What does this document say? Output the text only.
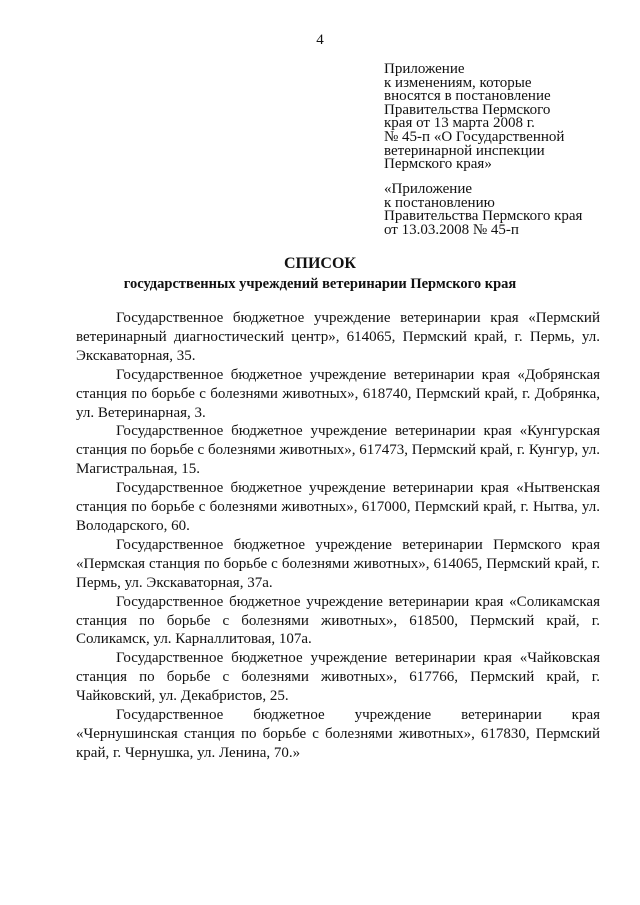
4
Приложение
к изменениям, которые
вносятся в постановление
Правительства Пермского
края от 13 марта 2008 г.
№ 45-п «О Государственной
ветеринарной инспекции
Пермского края»
«Приложение
к постановлению
Правительства Пермского края
от 13.03.2008 № 45-п
СПИСОК
государственных учреждений ветеринарии Пермского края
Государственное бюджетное учреждение ветеринарии края «Пермский ветеринарный диагностический центр», 614065, Пермский край, г. Пермь, ул. Экскаваторная, 35.
Государственное бюджетное учреждение ветеринарии края «Добрянская станция по борьбе с болезнями животных», 618740, Пермский край, г. Добрянка, ул. Ветеринарная, 3.
Государственное бюджетное учреждение ветеринарии края «Кунгурская станция по борьбе с болезнями животных», 617473, Пермский край, г. Кунгур, ул. Магистральная, 15.
Государственное бюджетное учреждение ветеринарии края «Нытвенская станция по борьбе с болезнями животных», 617000, Пермский край, г. Нытва, ул. Володарского, 60.
Государственное бюджетное учреждение ветеринарии Пермского края «Пермская станция по борьбе с болезнями животных», 614065, Пермский край, г. Пермь, ул. Экскаваторная, 37а.
Государственное бюджетное учреждение ветеринарии края «Соликамская станция по борьбе с болезнями животных», 618500, Пермский край, г. Соликамск, ул. Карналлитовая, 107а.
Государственное бюджетное учреждение ветеринарии края «Чайковская станция по борьбе с болезнями животных», 617766, Пермский край, г. Чайковский, ул. Декабристов, 25.
Государственное бюджетное учреждение ветеринарии края «Чернушинская станция по борьбе с болезнями животных», 617830, Пермский край, г. Чернушка, ул. Ленина, 70.»
